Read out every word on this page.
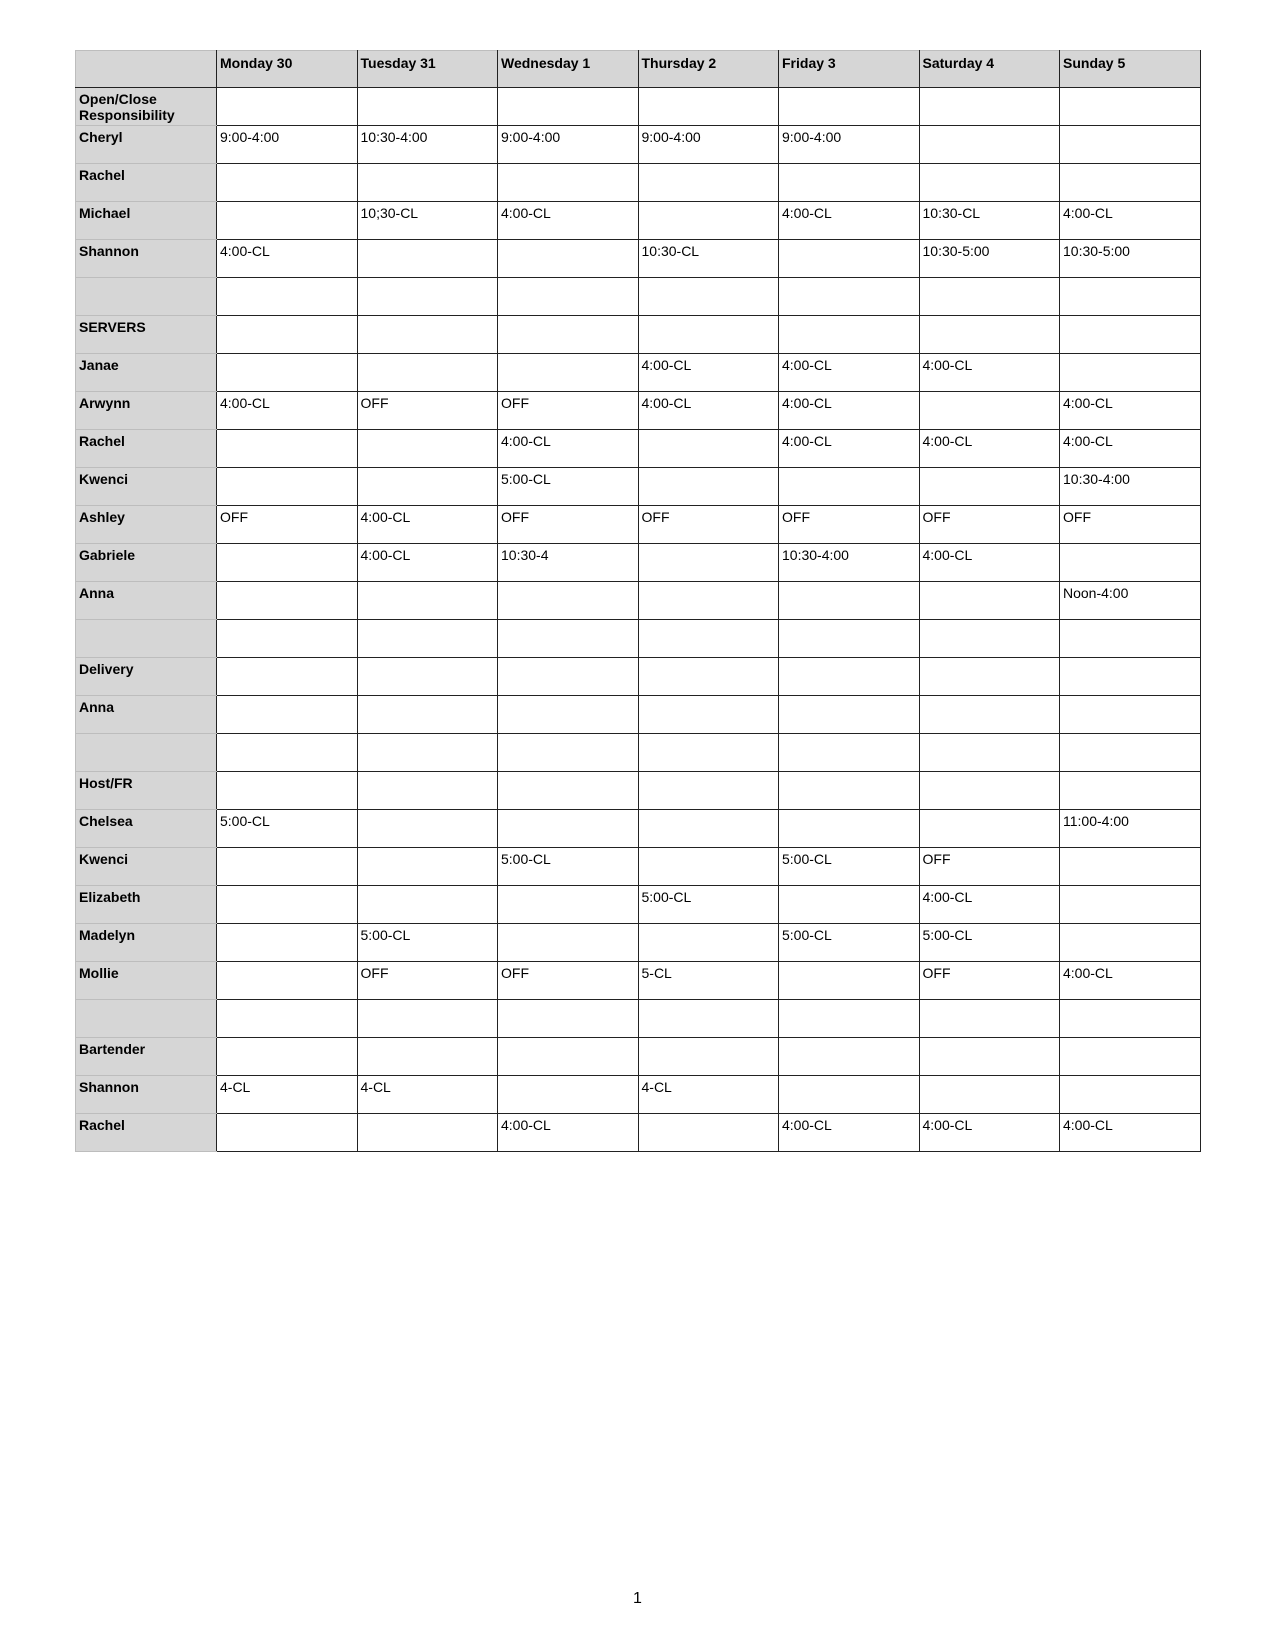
	Monday 30	Tuesday 31	Wednesday 1	Thursday 2	Friday 3	Saturday 4	Sunday 5
Open/Close Responsibility							
Cheryl	9:00-4:00	10:30-4:00	9:00-4:00	9:00-4:00	9:00-4:00		
Rachel							
Michael		10;30-CL	4:00-CL		4:00-CL	10:30-CL	4:00-CL
Shannon	4:00-CL			10:30-CL		10:30-5:00	10:30-5:00

SERVERS							
Janae				4:00-CL	4:00-CL	4:00-CL	
Arwynn	4:00-CL	OFF	OFF	4:00-CL	4:00-CL		4:00-CL
Rachel			4:00-CL		4:00-CL	4:00-CL	4:00-CL
Kwenci			5:00-CL				10:30-4:00
Ashley	OFF	4:00-CL	OFF	OFF	OFF	OFF	OFF
Gabriele		4:00-CL	10:30-4		10:30-4:00	4:00-CL	
Anna							Noon-4:00

Delivery							
Anna							

Host/FR							
Chelsea	5:00-CL						11:00-4:00
Kwenci			5:00-CL		5:00-CL	OFF	
Elizabeth				5:00-CL		4:00-CL	
Madelyn		5:00-CL			5:00-CL	5:00-CL	
Mollie		OFF	OFF	5-CL		OFF	4:00-CL

Bartender							
Shannon	4-CL	4-CL		4-CL			
Rachel			4:00-CL		4:00-CL	4:00-CL	4:00-CL
1
